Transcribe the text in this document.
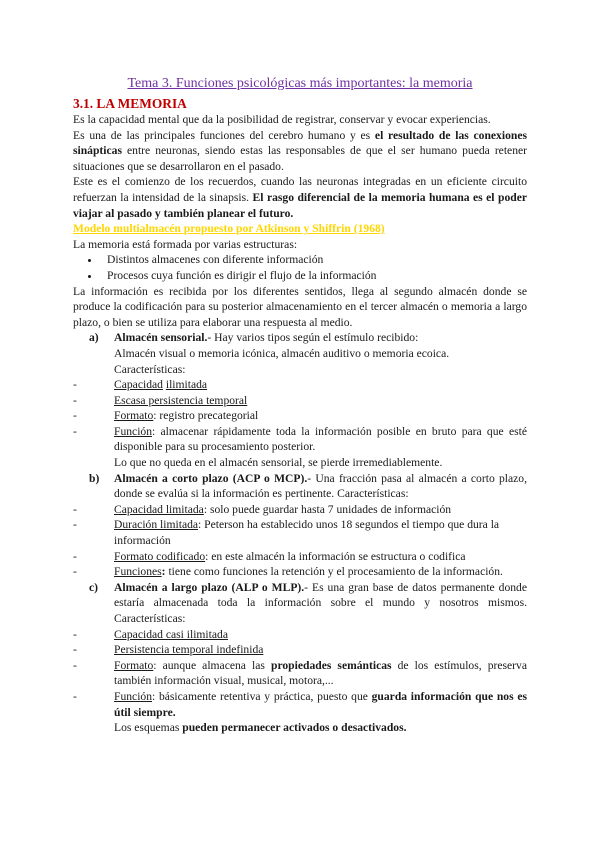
Tema 3. Funciones psicológicas más importantes: la memoria

3.1. LA MEMORIA

Es la capacidad mental que da la posibilidad de registrar, conservar y evocar experiencias.

Es una de las principales funciones del cerebro humano y es el resultado de las conexiones sinápticas entre neuronas, siendo estas las responsables de que el ser humano pueda retener situaciones que se desarrollaron en el pasado.

Este es el comienzo de los recuerdos, cuando las neuronas integradas en un eficiente circuito refuerzan la intensidad de la sinapsis. El rasgo diferencial de la memoria humana es el poder viajar al pasado y también planear el futuro.

Modelo multialmacén propuesto por Atkinson y Shiffrin (1968)

La memoria está formada por varias estructuras:

• Distintos almacenes con diferente información
• Procesos cuya función es dirigir el flujo de la información

La información es recibida por los diferentes sentidos, llega al segundo almacén donde se produce la codificación para su posterior almacenamiento en el tercer almacén o memoria a largo plazo, o bien se utiliza para elaborar una respuesta al medio.

a)	Almacén sensorial.- Hay varios tipos según el estímulo recibido:

Almacén visual o memoria icónica, almacén auditivo o memoria ecoica.

Características:

-	Capacidad ilimitada
-	Escasa persistencia temporal
-	Formato: registro precategorial
-	Función: almacenar rápidamente toda la información posible en bruto para que esté disponible para su procesamiento posterior.

Lo que no queda en el almacén sensorial, se pierde irremediablemente.

b)	Almacén a corto plazo (ACP o MCP).- Una fracción pasa al almacén a corto plazo, donde se evalúa si la información es pertinente. Características:
-	Capacidad limitada: solo puede guardar hasta 7 unidades de información
-	Duración limitada: Peterson ha establecido unos 18 segundos el tiempo que dura la información
-	Formato codificado: en este almacén la información se estructura o codifica
-	Funciones: tiene como funciones la retención y el procesamiento de la información.
c)	Almacén a largo plazo (ALP o MLP).- Es una gran base de datos permanente donde estaría almacenada toda la información sobre el mundo y nosotros mismos. Características:
-	Capacidad casi ilimitada
-	Persistencia temporal indefinida
-	Formato: aunque almacena las propiedades semánticas de los estímulos, preserva también información visual, musical, motora,...
-	Función: básicamente retentiva y práctica, puesto que guarda información que nos es útil siempre.

Los esquemas pueden permanecer activados o desactivados.
